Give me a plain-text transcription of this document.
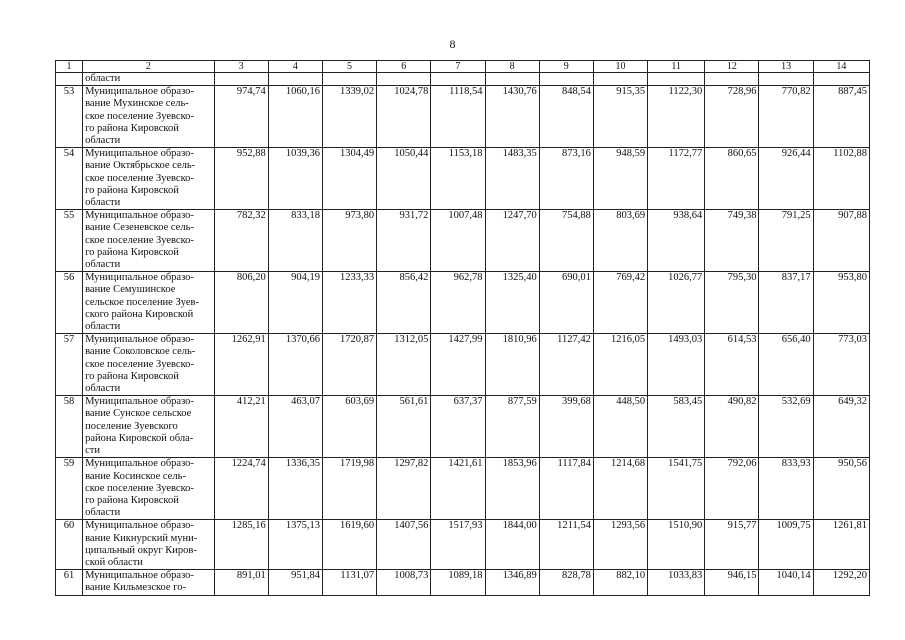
8
1	2	3	4	5	6	7	8	9	10	11	12	13	14

	области												

53	Муниципальное образо-
вание Мухинское сель-
ское поселение Зуевско-
го района Кировской
области	974,74	1060,16	1339,02	1024,78	1118,54	1430,76	848,54	915,35	1122,30	728,96	770,82	887,45
54	Муниципальное образо-
вание Октябрьское сель-
ское поселение Зуевско-
го района Кировской
области	952,88	1039,36	1304,49	1050,44	1153,18	1483,35	873,16	948,59	1172,77	860,65	926,44	1102,88
55	Муниципальное образо-
вание Сезеневское сель-
ское поселение Зуевско-
го района Кировской
области	782,32	833,18	973,80	931,72	1007,48	1247,70	754,88	803,69	938,64	749,38	791,25	907,88
56	Муниципальное образо-
вание Семушинское
сельское поселение Зуев-
ского района Кировской
области	806,20	904,19	1233,33	856,42	962,78	1325,40	690,01	769,42	1026,77	795,30	837,17	953,80
57	Муниципальное образо-
вание Соколовское сель-
ское поселение Зуевско-
го района Кировской
области	1262,91	1370,66	1720,87	1312,05	1427,99	1810,96	1127,42	1216,05	1493,03	614,53	656,40	773,03
58	Муниципальное образо-
вание Сунское сельское
поселение Зуевского
района Кировской обла-
сти	412,21	463,07	603,69	561,61	637,37	877,59	399,68	448,50	583,45	490,82	532,69	649,32
59	Муниципальное образо-
вание Косинское сель-
ское поселение Зуевско-
го района Кировской
области	1224,74	1336,35	1719,98	1297,82	1421,61	1853,96	1117,84	1214,68	1541,75	792,06	833,93	950,56
60	Муниципальное образо-
вание Кикнурский муни-
ципальный округ Киров-
ской области	1285,16	1375,13	1619,60	1407,56	1517,93	1844,00	1211,54	1293,56	1510,90	915,77	1009,75	1261,81
61	Муниципальное образо-
вание Кильмезское го-	891,01	951,84	1131,07	1008,73	1089,18	1346,89	828,78	882,10	1033,83	946,15	1040,14	1292,20
